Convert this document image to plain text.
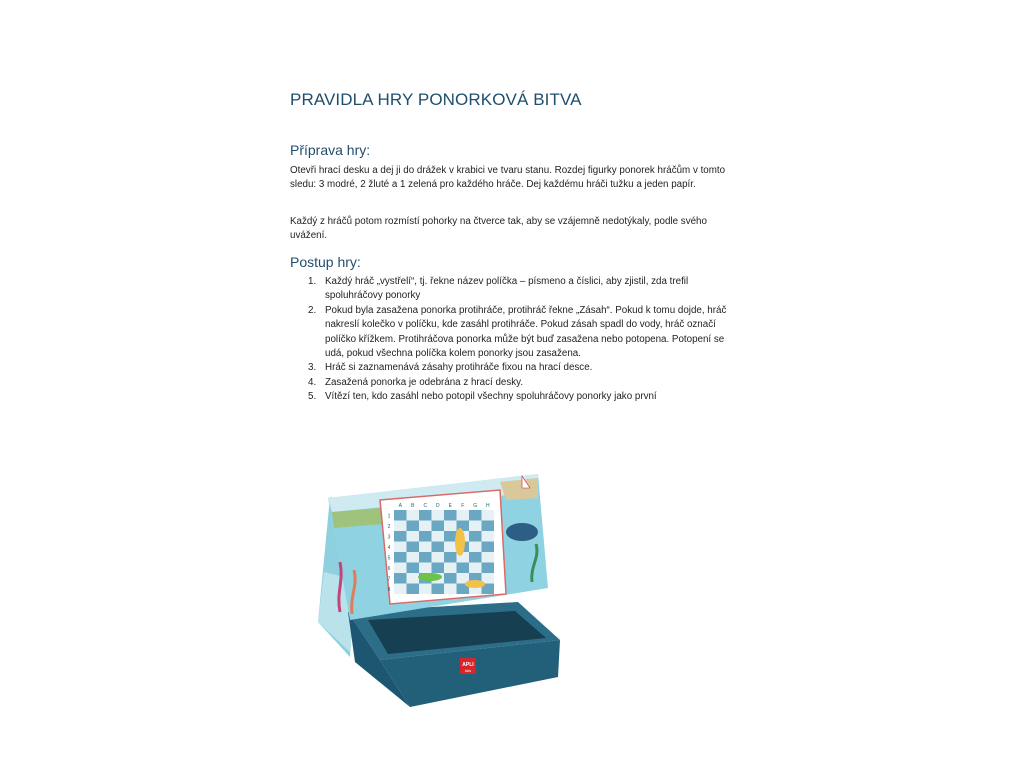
PRAVIDLA HRY PONORKOVÁ BITVA
Příprava hry:

Otevři hrací desku a dej ji do drážek v krabici ve tvaru stanu. Rozdej figurky ponorek hráčům v tomto sledu: 3 modré, 2 žluté a 1 zelená pro každého hráče. Dej každému hráči tužku a jeden papír.

Každý z hráčů potom rozmístí pohorky na čtverce tak, aby se vzájemně nedotýkaly, podle svého uvážení.

Postup hry:
1. Každý hráč „vystřelí“, tj. řekne název políčka – písmeno a číslici, aby zjistil, zda trefil spoluhráčovy ponorky
2. Pokud byla zasažena ponorka protihráče, protihráč řekne „Zásah“. Pokud k tomu dojde, hráč nakreslí kolečko v políčku, kde zasáhl protihráče. Pokud zásah spadl do vody, hráč označí políčko křížkem. Protihráčova ponorka může být buď zasažena nebo potopena. Potopení se udá, pokud všechna políčka kolem ponorky jsou zasažena.
3. Hráč si zaznamenává zásahy protihráče fixou na hrací desce.
4. Zasažená ponorka je odebrána z hrací desky.
5. Vítězí ten, kdo zasáhl nebo potopil všechny spoluhráčovy ponorky jako první
A B C D E F G H
1
2
3
4
5
6
7
8
APLI
kids
